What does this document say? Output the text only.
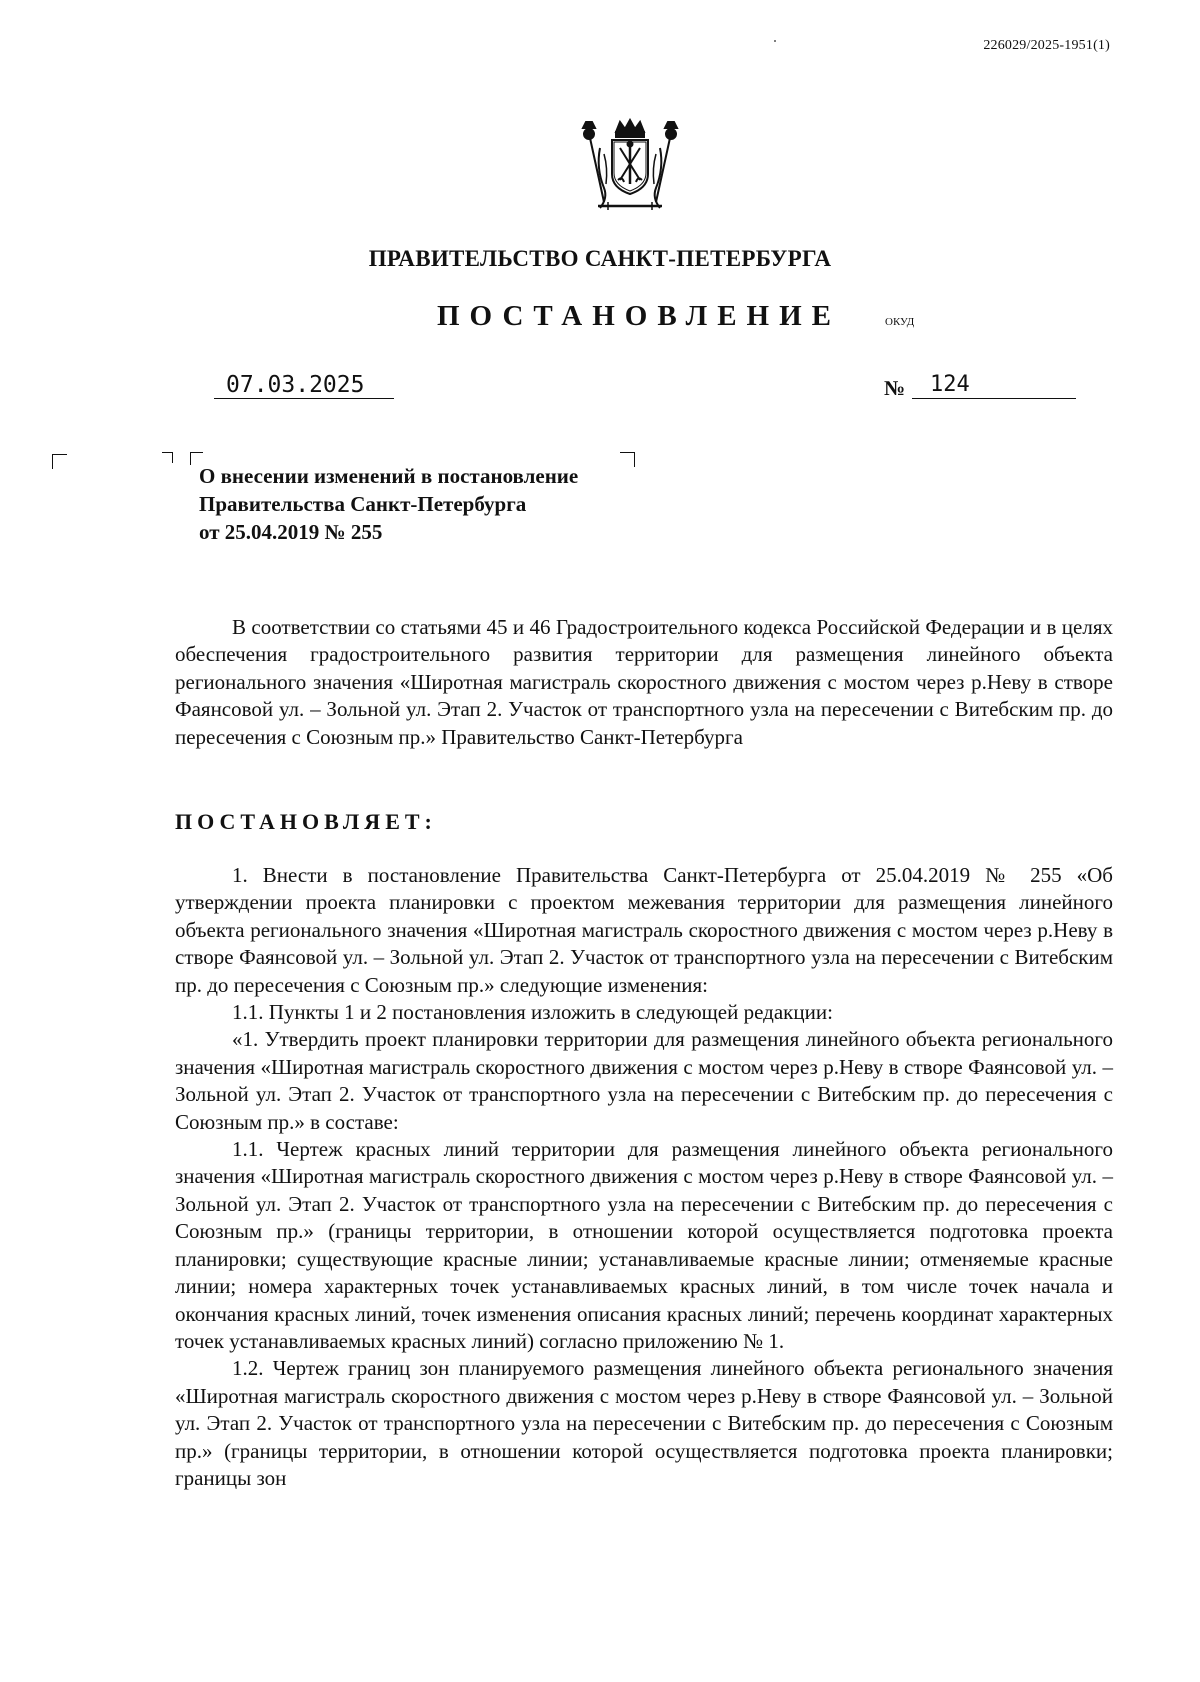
226029/2025-1951(1)
ПРАВИТЕЛЬСТВО САНКТ-ПЕТЕРБУРГА
ПОСТАНОВЛЕНИЕ	ОКУД
07.03.2025	№	124
О внесении изменений в постановление
Правительства Санкт-Петербурга
от 25.04.2019 № 255

В соответствии со статьями 45 и 46 Градостроительного кодекса Российской Федерации и в целях обеспечения градостроительного развития территории для размещения линейного объекта регионального значения «Широтная магистраль скоростного движения с мостом через р.Неву в створе Фаянсовой ул. – Зольной ул. Этап 2. Участок от транспортного узла на пересечении с Витебским пр. до пересечения с Союзным пр.» Правительство Санкт-Петербурга

ПОСТАНОВЛЯЕТ:

1. Внести в постановление Правительства Санкт-Петербурга от 25.04.2019 № 255 «Об утверждении проекта планировки с проектом межевания территории для размещения линейного объекта регионального значения «Широтная магистраль скоростного движения с мостом через р.Неву в створе Фаянсовой ул. – Зольной ул. Этап 2. Участок от транспортного узла на пересечении с Витебским пр. до пересечения с Союзным пр.» следующие изменения:

1.1. Пункты 1 и 2 постановления изложить в следующей редакции:

«1. Утвердить проект планировки территории для размещения линейного объекта регионального значения «Широтная магистраль скоростного движения с мостом через р.Неву в створе Фаянсовой ул. – Зольной ул. Этап 2. Участок от транспортного узла на пересечении с Витебским пр. до пересечения с Союзным пр.» в составе:

1.1. Чертеж красных линий территории для размещения линейного объекта регионального значения «Широтная магистраль скоростного движения с мостом через р.Неву в створе Фаянсовой ул. – Зольной ул. Этап 2. Участок от транспортного узла на пересечении с Витебским пр. до пересечения с Союзным пр.» (границы территории, в отношении которой осуществляется подготовка проекта планировки; существующие красные линии; устанавливаемые красные линии; отменяемые красные линии; номера характерных точек устанавливаемых красных линий, в том числе точек начала и окончания красных линий, точек изменения описания красных линий; перечень координат характерных точек устанавливаемых красных линий) согласно приложению № 1.

1.2. Чертеж границ зон планируемого размещения линейного объекта регионального значения «Широтная магистраль скоростного движения с мостом через р.Неву в створе Фаянсовой ул. – Зольной ул. Этап 2. Участок от транспортного узла на пересечении с Витебским пр. до пересечения с Союзным пр.» (границы территории, в отношении которой осуществляется подготовка проекта планировки; границы зон
